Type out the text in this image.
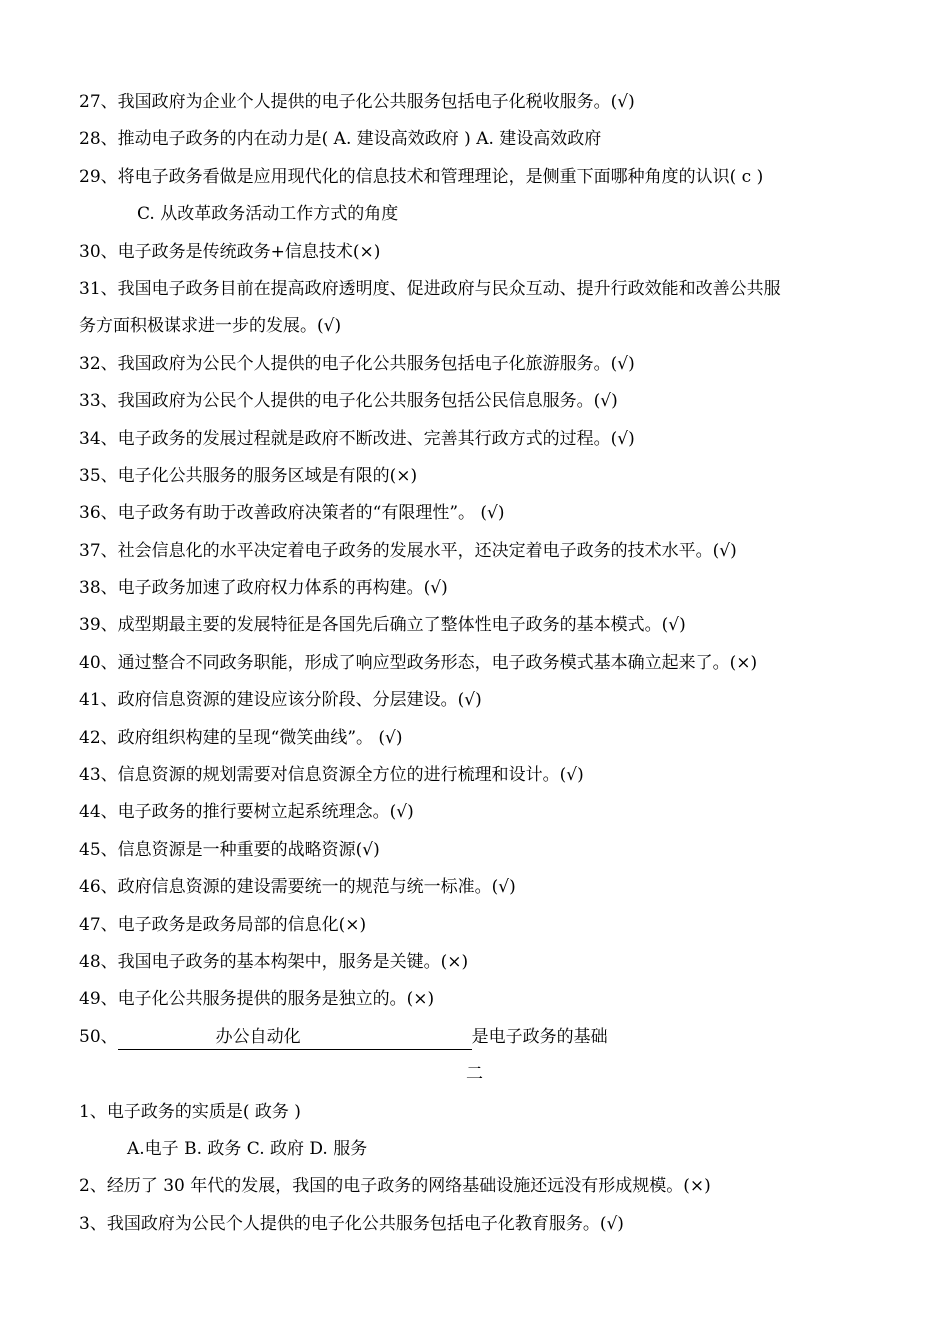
27、我国政府为企业个人提供的电子化公共服务包括电子化税收服务。(√)
28、推动电子政务的内在动力是( A. 建设高效政府 ) A. 建设高效政府
29、将电子政务看做是应用现代化的信息技术和管理理论，是侧重下面哪种角度的认识( c )
C. 从改革政务活动工作方式的角度
30、电子政务是传统政务+信息技术(×)
31、我国电子政务目前在提高政府透明度、促进政府与民众互动、提升行政效能和改善公共服
务方面积极谋求进一步的发展。(√)
32、我国政府为公民个人提供的电子化公共服务包括电子化旅游服务。(√)
33、我国政府为公民个人提供的电子化公共服务包括公民信息服务。(√)
34、电子政务的发展过程就是政府不断改进、完善其行政方式的过程。(√)
35、电子化公共服务的服务区域是有限的(×)
36、电子政务有助于改善政府决策者的“有限理性”。 (√)
37、社会信息化的水平决定着电子政务的发展水平，还决定着电子政务的技术水平。(√)
38、电子政务加速了政府权力体系的再构建。(√)
39、成型期最主要的发展特征是各国先后确立了整体性电子政务的基本模式。(√)
40、通过整合不同政务职能，形成了响应型政务形态，电子政务模式基本确立起来了。(×)
41、政府信息资源的建设应该分阶段、分层建设。(√)
42、政府组织构建的呈现“微笑曲线”。 (√)
43、信息资源的规划需要对信息资源全方位的进行梳理和设计。(√)
44、电子政务的推行要树立起系统理念。(√)
45、信息资源是一种重要的战略资源(√)
46、政府信息资源的建设需要统一的规范与统一标准。(√)
47、电子政务是政务局部的信息化(×)
48、我国电子政务的基本构架中，服务是关键。(×)
49、电子化公共服务提供的服务是独立的。(×)
50、	办公自动化	是电子政务的基础
二
1、电子政务的实质是( 政务 )
A.电子 B. 政务 C. 政府 D. 服务
2、经历了 30 年代的发展，我国的电子政务的网络基础设施还远没有形成规模。(×)
3、我国政府为公民个人提供的电子化公共服务包括电子化教育服务。(√)
